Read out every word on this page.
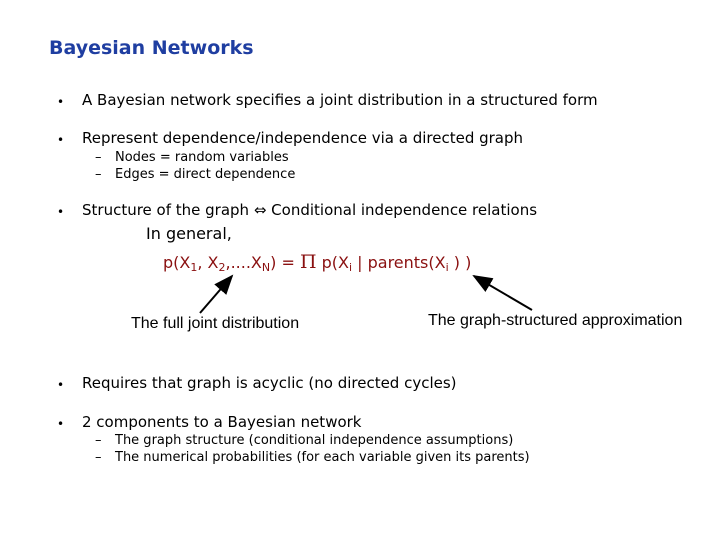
Bayesian Networks
• A Bayesian network specifies a joint distribution in a structured form
• Represent dependence/independence via a directed graph
– Nodes = random variables
– Edges = direct dependence
• Structure of the graph ⇔ Conditional independence relations
In general,
$p(X_1$, $X_2,....X_N) = \Pi$ $p(X_i$ | $parents(X_i$ ) )
The full joint distribution	The graph-structured approximation
• Requires that graph is acyclic (no directed cycles)
• 2 components to a Bayesian network
– The graph structure (conditional independence assumptions)
– The numerical probabilities (for each variable given its parents)
